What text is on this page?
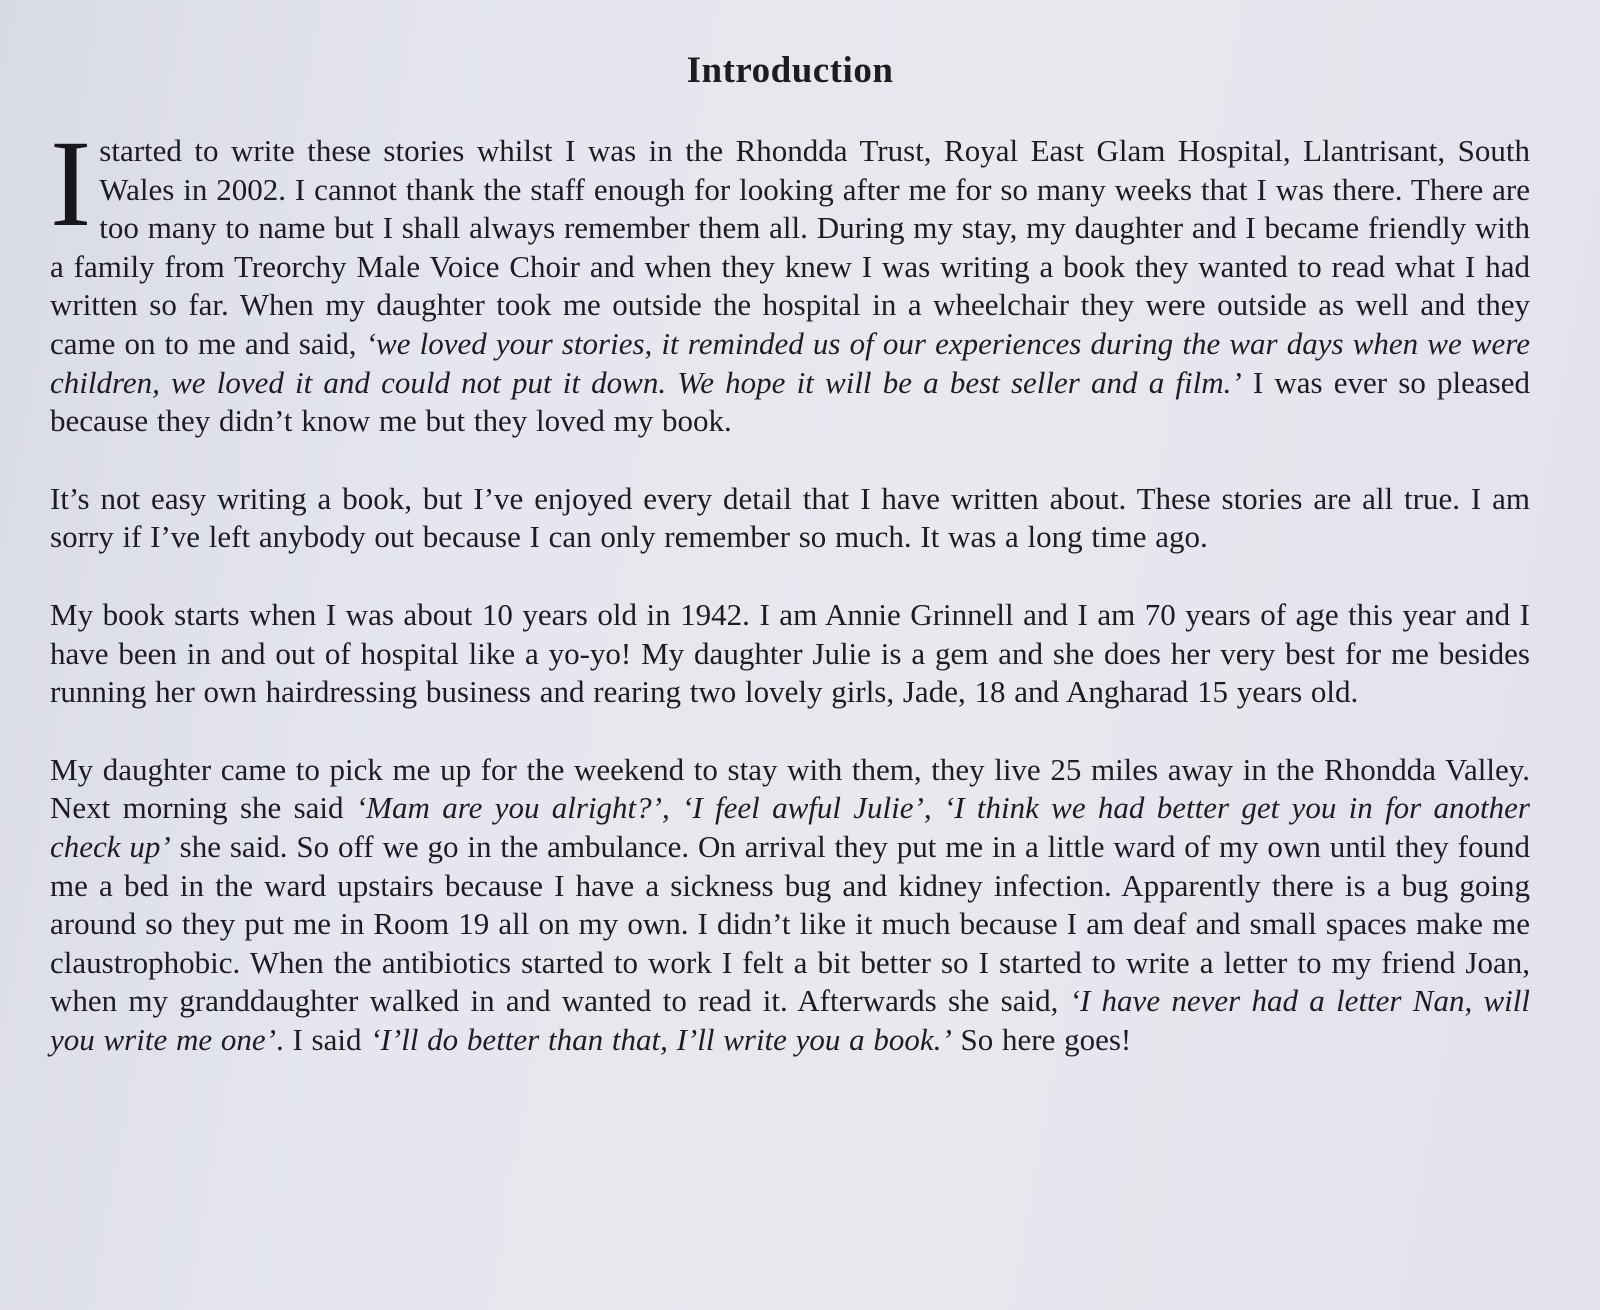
Introduction

I started to write these stories whilst I was in the Rhondda Trust, Royal East Glam Hospital, Llantrisant, South Wales in 2002. I cannot thank the staff enough for looking after me for so many weeks that I was there. There are too many to name but I shall always remember them all. During my stay, my daughter and I became friendly with a family from Treorchy Male Voice Choir and when they knew I was writing a book they wanted to read what I had written so far. When my daughter took me outside the hospital in a wheelchair they were outside as well and they came on to me and said, ‘we loved your stories, it reminded us of our experiences during the war days when we were children, we loved it and could not put it down. We hope it will be a best seller and a film.’ I was ever so pleased because they didn’t know me but they loved my book.

It’s not easy writing a book, but I’ve enjoyed every detail that I have written about. These stories are all true. I am sorry if I’ve left anybody out because I can only remember so much. It was a long time ago.

My book starts when I was about 10 years old in 1942. I am Annie Grinnell and I am 70 years of age this year and I have been in and out of hospital like a yo-yo! My daughter Julie is a gem and she does her very best for me besides running her own hairdressing business and rearing two lovely girls, Jade, 18 and Angharad 15 years old.

My daughter came to pick me up for the weekend to stay with them, they live 25 miles away in the Rhondda Valley. Next morning she said ‘Mam are you alright?’, ‘I feel awful Julie’, ‘I think we had better get you in for another check up’ she said. So off we go in the ambulance. On arrival they put me in a little ward of my own until they found me a bed in the ward upstairs because I have a sickness bug and kidney infection. Apparently there is a bug going around so they put me in Room 19 all on my own. I didn’t like it much because I am deaf and small spaces make me claustrophobic. When the antibiotics started to work I felt a bit better so I started to write a letter to my friend Joan, when my granddaughter walked in and wanted to read it. Afterwards she said, ‘I have never had a letter Nan, will you write me one’. I said ‘I’ll do better than that, I’ll write you a book.’ So here goes!
